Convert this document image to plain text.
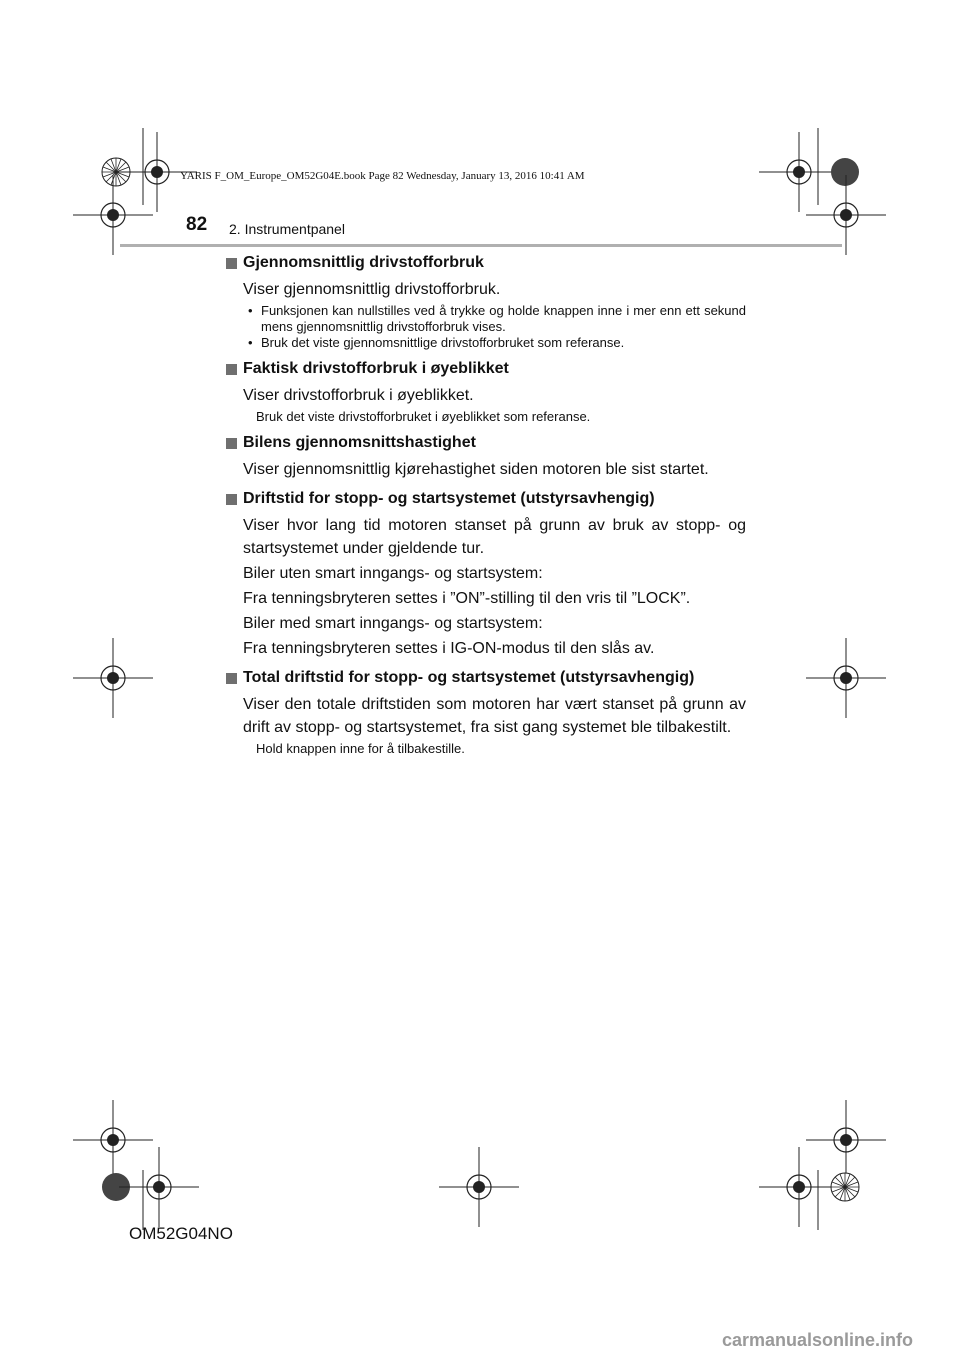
YARIS F_OM_Europe_OM52G04E.book Page 82 Wednesday, January 13, 2016 10:41 AM
82 2. Instrumentpanel
Gjennomsnittlig drivstofforbruk

Viser gjennomsnittlig drivstofforbruk.

• Funksjonen kan nullstilles ved å trykke og holde knappen inne i mer enn ett sekund mens gjennomsnittlig drivstofforbruk vises.
• Bruk det viste gjennomsnittlige drivstofforbruket som referanse.
Faktisk drivstofforbruk i øyeblikket

Viser drivstofforbruk i øyeblikket.

Bruk det viste drivstofforbruket i øyeblikket som referanse.

Bilens gjennomsnittshastighet

Viser gjennomsnittlig kjørehastighet siden motoren ble sist startet.

Driftstid for stopp- og startsystemet (utstyrsavhengig)

Viser hvor lang tid motoren stanset på grunn av bruk av stopp- og startsystemet under gjeldende tur.

Biler uten smart inngangs- og startsystem:

Fra tenningsbryteren settes i ”ON”-stilling til den vris til ”LOCK”.

Biler med smart inngangs- og startsystem:

Fra tenningsbryteren settes i IG-ON-modus til den slås av.

Total driftstid for stopp- og startsystemet (utstyrsavhengig)

Viser den totale driftstiden som motoren har vært stanset på grunn av drift av stopp- og startsystemet, fra sist gang systemet ble tilbakestilt.

Hold knappen inne for å tilbakestille.

OM52G04NO
carmanualsonline.info
